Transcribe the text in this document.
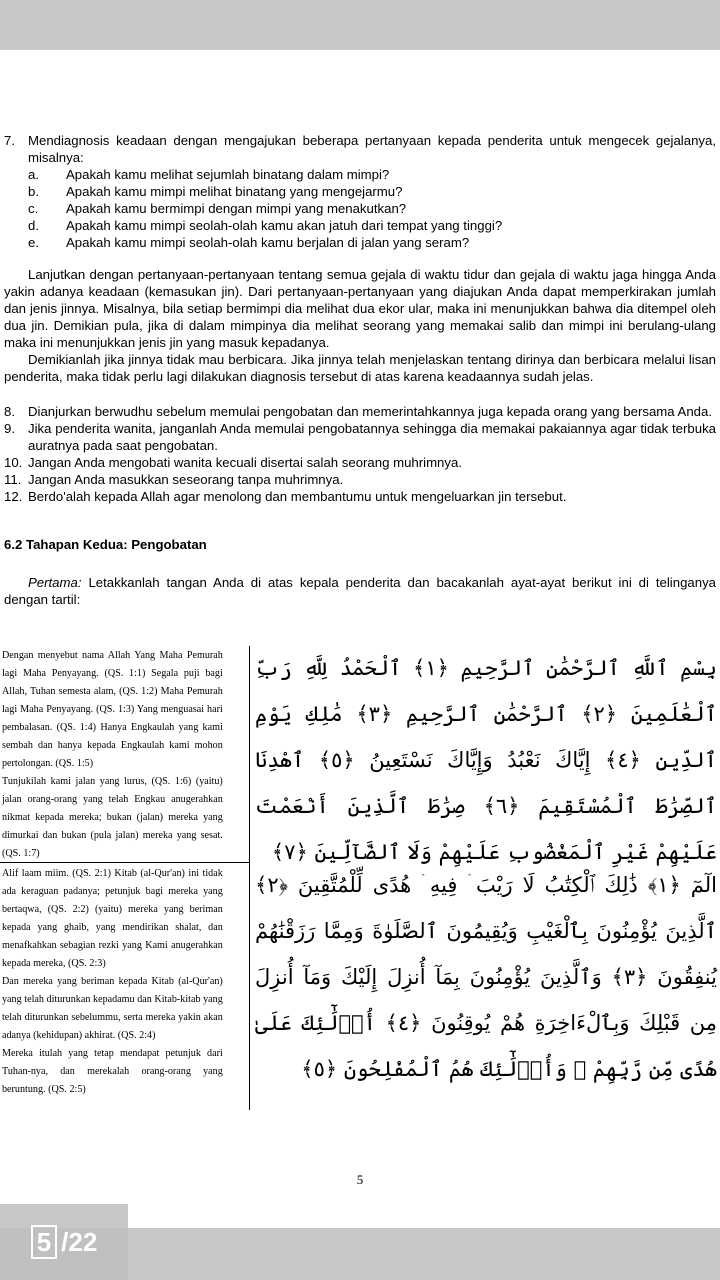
7. Mendiagnosis keadaan dengan mengajukan beberapa pertanyaan kepada penderita untuk mengecek gejalanya, misalnya:
a.	Apakah kamu melihat sejumlah binatang dalam mimpi?
b.	Apakah kamu mimpi melihat binatang yang mengejarmu?
c.	Apakah kamu bermimpi dengan mimpi yang menakutkan?
d.	Apakah kamu mimpi seolah-olah kamu akan jatuh dari tempat yang tinggi?
e.	Apakah kamu mimpi seolah-olah kamu berjalan di jalan yang seram?
Lanjutkan dengan pertanyaan-pertanyaan tentang semua gejala di waktu tidur dan gejala di waktu jaga hingga Anda yakin adanya keadaan (kemasukan jin). Dari pertanyaan-pertanyaan yang diajukan Anda dapat memperkirakan jumlah dan jenis jinnya. Misalnya, bila setiap bermimpi dia melihat dua ekor ular, maka ini menunjukkan bahwa dia ditempel oleh dua jin. Demikian pula, jika di dalam mimpinya dia melihat seorang yang memakai salib dan mimpi ini berulang-ulang maka ini menunjukkan jenis jin yang masuk kepadanya.
Demikianlah jika jinnya tidak mau berbicara. Jika jinnya telah menjelaskan tentang dirinya dan berbicara melalui lisan penderita, maka tidak perlu lagi dilakukan diagnosis tersebut di atas karena keadaannya sudah jelas.
8. Dianjurkan berwudhu sebelum memulai pengobatan dan memerintahkannya juga kepada orang yang bersama Anda.
9. Jika penderita wanita, janganlah Anda memulai pengobatannya sehingga dia memakai pakaiannya agar tidak terbuka auratnya pada saat pengobatan.
10. Jangan Anda mengobati wanita kecuali disertai salah seorang muhrimnya.
11. Jangan Anda masukkan seseorang tanpa muhrimnya.
12. Berdo'alah kepada Allah agar menolong dan membantumu untuk mengeluarkan jin tersebut.
6.2 Tahapan Kedua: Pengobatan
Pertama: Letakkanlah tangan Anda di atas kepala penderita dan bacakanlah ayat-ayat berikut ini di telinganya dengan tartil:

Dengan menyebut nama Allah Yang Maha Pemurah lagi Maha Penyayang. (QS. 1:1) Segala puji bagi Allah, Tuhan semesta alam, (QS. 1:2) Maha Pemurah lagi Maha Penyayang. (QS. 1:3) Yang menguasai hari pembalasan. (QS. 1:4) Hanya Engkaulah yang kami sembah dan hanya kepada Engkaulah kami mohon pertolongan. (QS. 1:5)

Tunjukilah kami jalan yang lurus, (QS. 1:6) (yaitu) jalan orang-orang yang telah Engkau anugerahkan nikmat kepada mereka; bukan (jalan) mereka yang dimurkai dan bukan (pula jalan) mereka yang sesat. (QS. 1:7)

Alif laam miim. (QS. 2:1) Kitab (al-Qur'an) ini tidak ada keraguan padanya; petunjuk bagi mereka yang bertaqwa, (QS. 2:2) (yaitu) mereka yang beriman kepada yang ghaib, yang mendirikan shalat, dan menafkahkan sebagian rezki yang Kami anugerahkan kepada mereka, (QS. 2:3)

Dan mereka yang beriman kepada Kitab (al-Qur'an) yang telah diturunkan kepadamu dan Kitab-kitab yang telah diturunkan sebelummu, serta mereka yakin akan adanya (kehidupan) akhirat. (QS. 2:4)

Mereka itulah yang tetap mendapat petunjuk dari Tuhan-nya, dan merekalah orang-orang yang beruntung. (QS. 2:5)

بِسْمِ ٱللَّهِ ٱلرَّحْمَٰنِ ٱلرَّحِيمِ ﴿١﴾ ٱلْحَمْدُ لِلَّهِ رَبِّ ٱلْعَٰلَمِينَ ﴿٢﴾ ٱلرَّحْمَٰنِ ٱلرَّحِيمِ ﴿٣﴾ مَٰلِكِ يَوْمِ ٱلدِّينِ ﴿٤﴾ إِيَّاكَ نَعْبُدُ وَإِيَّاكَ نَسْتَعِينُ ﴿٥﴾ ٱهْدِنَا ٱلصِّرَٰطَ ٱلْمُسْتَقِيمَ ﴿٦﴾ صِرَٰطَ ٱلَّذِينَ أَنْعَمْتَ عَلَيْهِمْ غَيْرِ ٱلْمَغْضُوبِ عَلَيْهِمْ وَلَا ٱلضَّآلِّينَ ﴿٧﴾
الٓمٓ ﴿١﴾ ذَٰلِكَ ٱلْكِتَٰبُ لَا رَيْبَ ۛ فِيهِ ۛ هُدًى لِّلْمُتَّقِينَ ﴿٢﴾ ٱلَّذِينَ يُؤْمِنُونَ بِٱلْغَيْبِ وَيُقِيمُونَ ٱلصَّلَوٰةَ وَمِمَّا رَزَقْنَٰهُمْ يُنفِقُونَ ﴿٣﴾ وَٱلَّذِينَ يُؤْمِنُونَ بِمَآ أُنزِلَ إِلَيْكَ وَمَآ أُنزِلَ مِن قَبْلِكَ وَبِٱلْءَاخِرَةِ هُمْ يُوقِنُونَ ﴿٤﴾ أُو۟لَٰٓئِكَ عَلَىٰ هُدًى مِّن رَّبِّهِمْ ۖ وَأُو۟لَٰٓئِكَ هُمُ ٱلْمُفْلِحُونَ ﴿٥﴾
5
5 /22
